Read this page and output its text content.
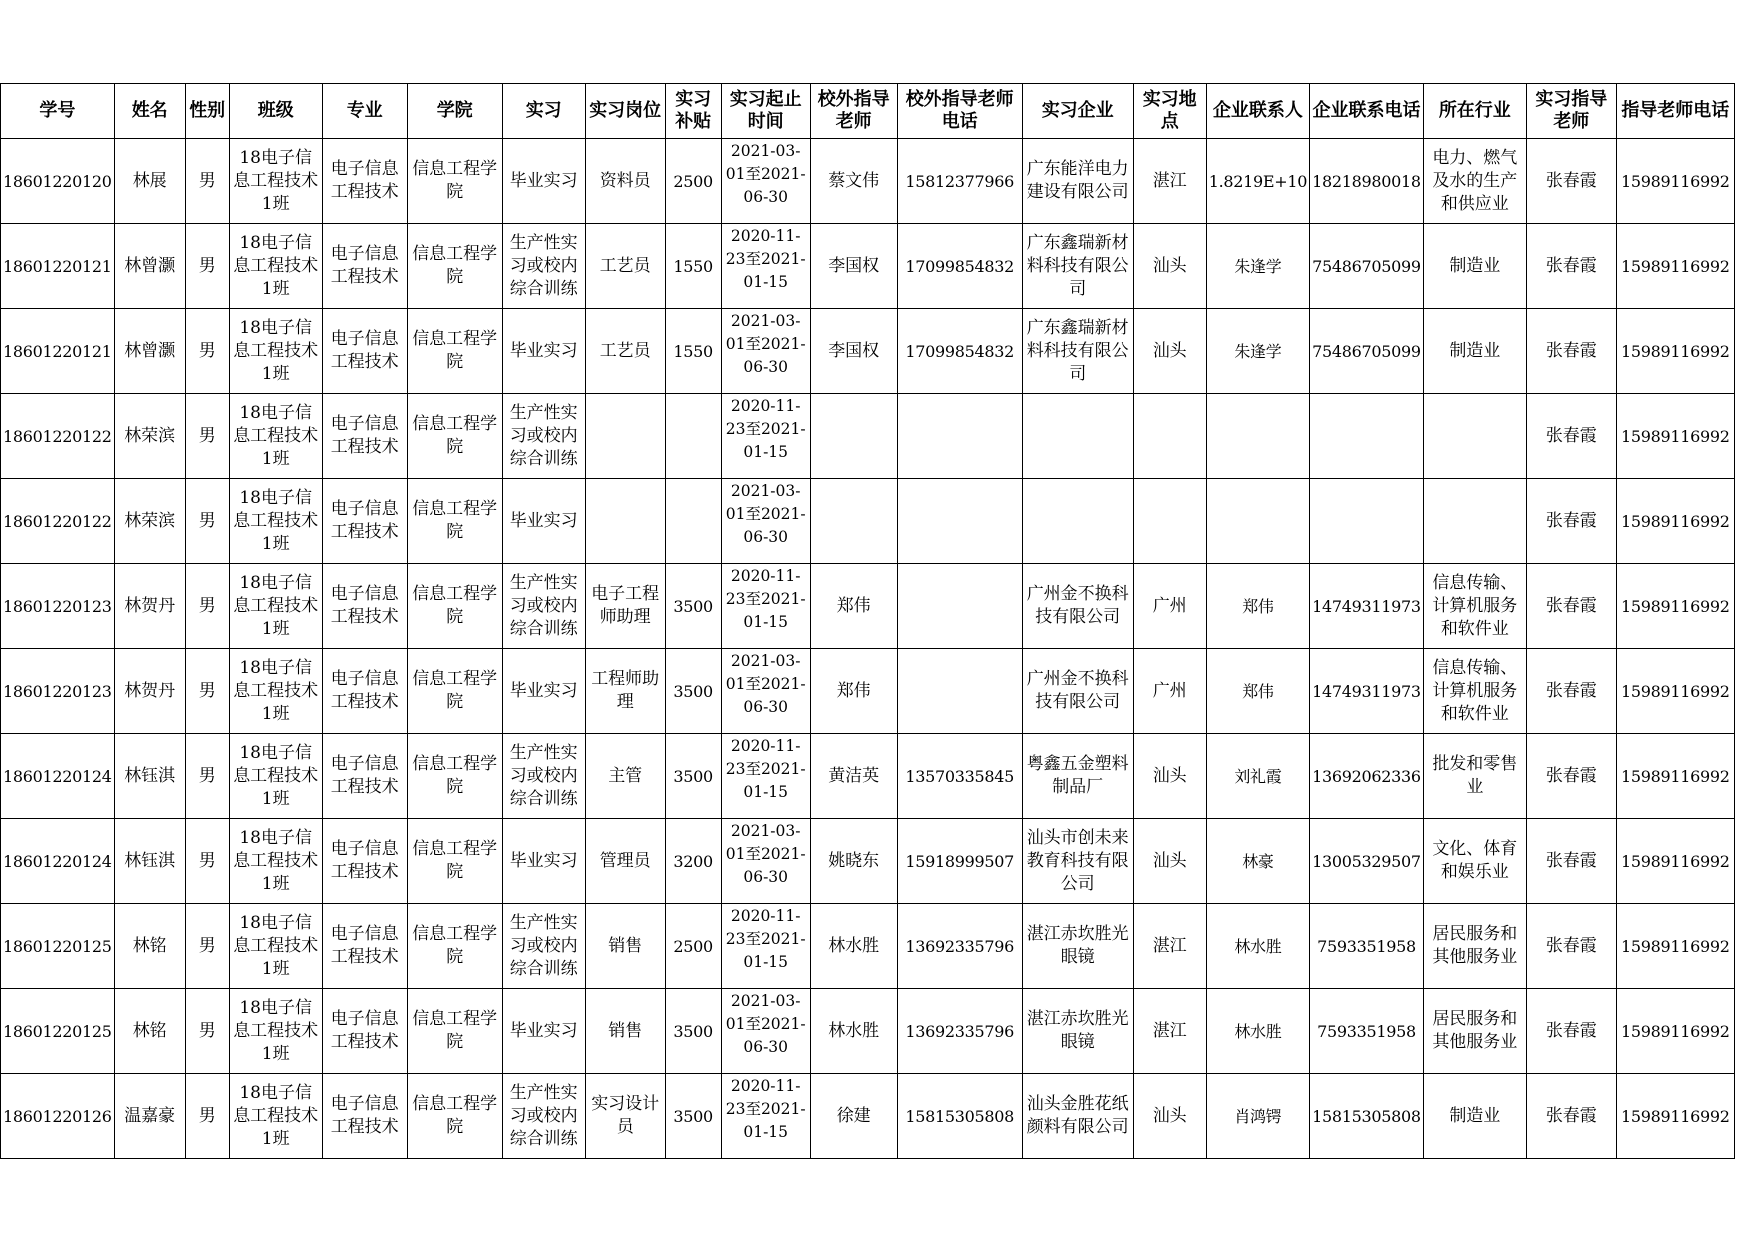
学号	姓名	性别	班级	专业	学院	实习	实习岗位	实习补贴	实习起止时间	校外指导老师	校外指导老师电话	实习企业	实习地点	企业联系人	企业联系电话	所在行业	实习指导老师	指导老师电话
18601220120	林展	男	18电子信息工程技术1班	电子信息工程技术	信息工程学院	毕业实习	资料员	2500	2021-03-01至2021-06-30	蔡文伟	15812377966	广东能洋电力建设有限公司	湛江	1.8219E+10	18218980018	电力、燃气及水的生产和供应业	张春霞	15989116992
18601220121	林曾灏	男	18电子信息工程技术1班	电子信息工程技术	信息工程学院	生产性实习或校内综合训练	工艺员	1550	2020-11-23至2021-01-15	李国权	17099854832	广东鑫瑞新材料科技有限公司	汕头	朱逢学	75486705099	制造业	张春霞	15989116992
18601220121	林曾灏	男	18电子信息工程技术1班	电子信息工程技术	信息工程学院	毕业实习	工艺员	1550	2021-03-01至2021-06-30	李国权	17099854832	广东鑫瑞新材料科技有限公司	汕头	朱逢学	75486705099	制造业	张春霞	15989116992
18601220122	林荣滨	男	18电子信息工程技术1班	电子信息工程技术	信息工程学院	生产性实习或校内综合训练			2020-11-23至2021-01-15								张春霞	15989116992
18601220122	林荣滨	男	18电子信息工程技术1班	电子信息工程技术	信息工程学院	毕业实习			2021-03-01至2021-06-30								张春霞	15989116992
18601220123	林贺丹	男	18电子信息工程技术1班	电子信息工程技术	信息工程学院	生产性实习或校内综合训练	电子工程师助理	3500	2020-11-23至2021-01-15	郑伟		广州金不换科技有限公司	广州	郑伟	14749311973	信息传输、计算机服务和软件业	张春霞	15989116992
18601220123	林贺丹	男	18电子信息工程技术1班	电子信息工程技术	信息工程学院	毕业实习	工程师助理	3500	2021-03-01至2021-06-30	郑伟		广州金不换科技有限公司	广州	郑伟	14749311973	信息传输、计算机服务和软件业	张春霞	15989116992
18601220124	林钰淇	男	18电子信息工程技术1班	电子信息工程技术	信息工程学院	生产性实习或校内综合训练	主管	3500	2020-11-23至2021-01-15	黄洁英	13570335845	粤鑫五金塑料制品厂	汕头	刘礼霞	13692062336	批发和零售业	张春霞	15989116992
18601220124	林钰淇	男	18电子信息工程技术1班	电子信息工程技术	信息工程学院	毕业实习	管理员	3200	2021-03-01至2021-06-30	姚晓东	15918999507	汕头市创未来教育科技有限公司	汕头	林豪	13005329507	文化、体育和娱乐业	张春霞	15989116992
18601220125	林铭	男	18电子信息工程技术1班	电子信息工程技术	信息工程学院	生产性实习或校内综合训练	销售	2500	2020-11-23至2021-01-15	林水胜	13692335796	湛江赤坎胜光眼镜	湛江	林水胜	7593351958	居民服务和其他服务业	张春霞	15989116992
18601220125	林铭	男	18电子信息工程技术1班	电子信息工程技术	信息工程学院	毕业实习	销售	3500	2021-03-01至2021-06-30	林水胜	13692335796	湛江赤坎胜光眼镜	湛江	林水胜	7593351958	居民服务和其他服务业	张春霞	15989116992
18601220126	温嘉豪	男	18电子信息工程技术1班	电子信息工程技术	信息工程学院	生产性实习或校内综合训练	实习设计员	3500	2020-11-23至2021-01-15	徐建	15815305808	汕头金胜花纸颜料有限公司	汕头	肖鸿锷	15815305808	制造业	张春霞	15989116992
